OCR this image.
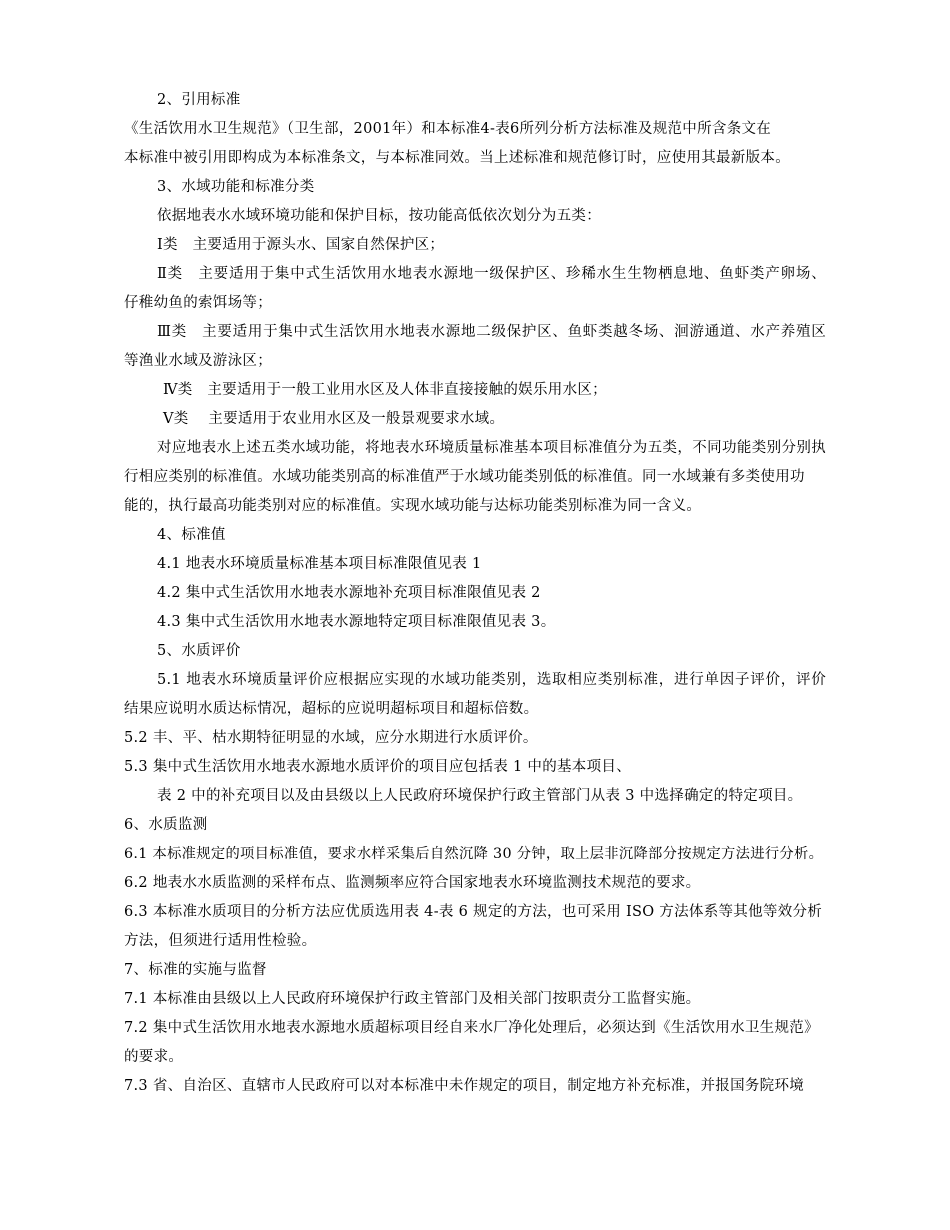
2、引用标准
《生活饮用水卫生规范》（卫生部，2001年）和本标准4-表6所列分析方法标准及规范中所含条文在
本标准中被引用即构成为本标准条文，与本标准同效。当上述标准和规范修订时，应使用其最新版本。
3、水域功能和标准分类
依据地表水水域环境功能和保护目标，按功能高低依次划分为五类：
Ⅰ类　主要适用于源头水、国家自然保护区；
Ⅱ类　主要适用于集中式生活饮用水地表水源地一级保护区、珍稀水生生物栖息地、鱼虾类产卵场、
仔稚幼鱼的索饵场等；
Ⅲ类　主要适用于集中式生活饮用水地表水源地二级保护区、鱼虾类越冬场、洄游通道、水产养殖区
等渔业水域及游泳区；
Ⅳ类　主要适用于一般工业用水区及人体非直接接触的娱乐用水区；
Ⅴ类　 主要适用于农业用水区及一般景观要求水域。
对应地表水上述五类水域功能，将地表水环境质量标准基本项目标准值分为五类，不同功能类别分别执
行相应类别的标准值。水域功能类别高的标准值严于水域功能类别低的标准值。同一水域兼有多类使用功
能的，执行最高功能类别对应的标准值。实现水域功能与达标功能类别标准为同一含义。
4、标准值
4.1 地表水环境质量标准基本项目标准限值见表 1
4.2 集中式生活饮用水地表水源地补充项目标准限值见表 2
4.3 集中式生活饮用水地表水源地特定项目标准限值见表 3。
5、水质评价
5.1 地表水环境质量评价应根据应实现的水域功能类别，选取相应类别标准，进行单因子评价，评价
结果应说明水质达标情况，超标的应说明超标项目和超标倍数。
5.2 丰、平、枯水期特征明显的水域，应分水期进行水质评价。
5.3 集中式生活饮用水地表水源地水质评价的项目应包括表 1 中的基本项目、
表 2 中的补充项目以及由县级以上人民政府环境保护行政主管部门从表 3 中选择确定的特定项目。
6、水质监测
6.1 本标准规定的项目标准值，要求水样采集后自然沉降 30 分钟，取上层非沉降部分按规定方法进行分析。
6.2 地表水水质监测的采样布点、监测频率应符合国家地表水环境监测技术规范的要求。
6.3 本标准水质项目的分析方法应优质选用表 4-表 6 规定的方法，也可采用 ISO 方法体系等其他等效分析
方法，但须进行适用性检验。
7、标准的实施与监督
7.1 本标准由县级以上人民政府环境保护行政主管部门及相关部门按职责分工监督实施。
7.2 集中式生活饮用水地表水源地水质超标项目经自来水厂净化处理后，必须达到《生活饮用水卫生规范》
的要求。
7.3 省、自治区、直辖市人民政府可以对本标准中未作规定的项目，制定地方补充标准，并报国务院环境
